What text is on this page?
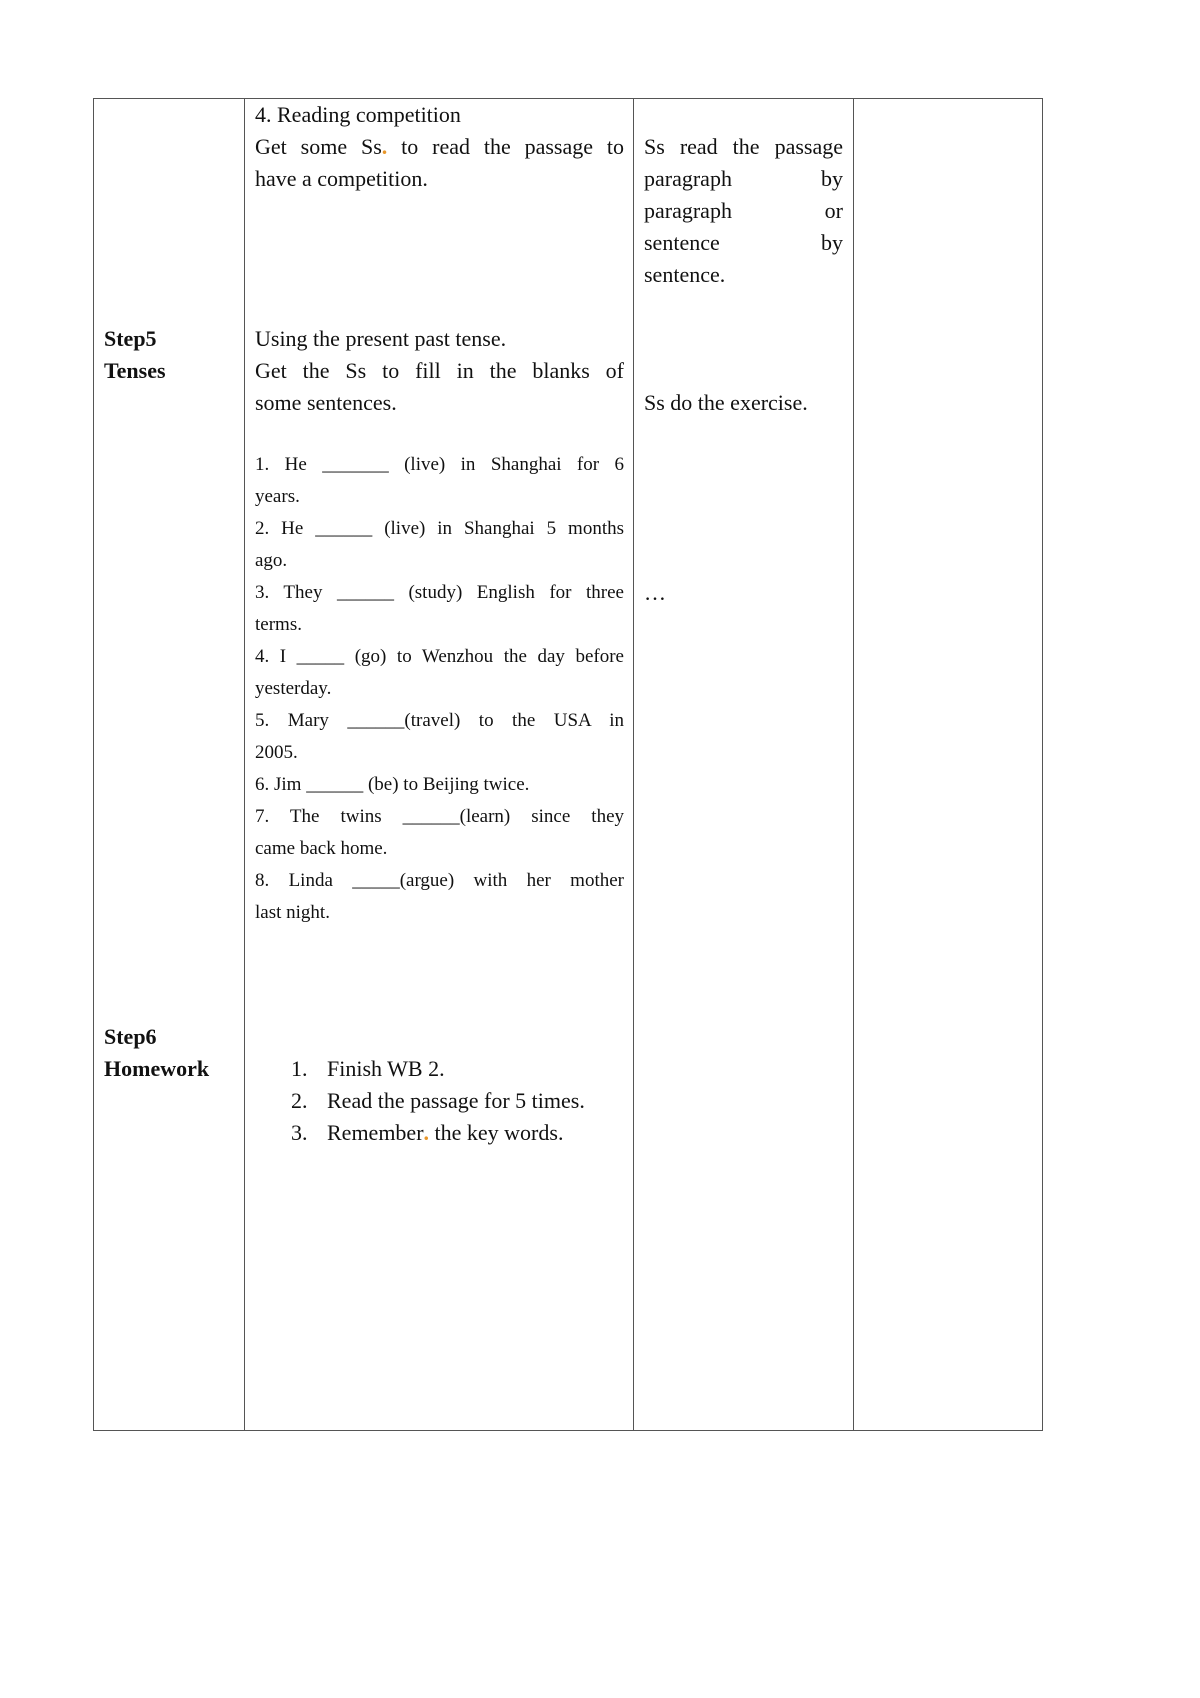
4. Reading competition
Get some Ss. to read the passage to
have a competition.
Ss read the passage
paragraph by
paragraph or
sentence by
sentence.
Step5
Tenses
Using the present past tense.
Get the Ss to fill in the blanks of
some sentences.	Ss do the exercise.
…
1. He _______ (live) in Shanghai for 6
years.
2. He ______ (live) in Shanghai 5 months
ago.
3. They ______ (study) English for three
terms.
4. I _____ (go) to Wenzhou the day before
yesterday.
5. Mary ______(travel) to the USA in
2005.
6. Jim ______ (be) to Beijing twice.
7. The twins ______(learn) since they
came back home.
8. Linda _____(argue) with her mother
last night.
Step6
Homework	1. Finish WB 2.
2. Read the passage for 5 times.
3. Remember. the key words.
